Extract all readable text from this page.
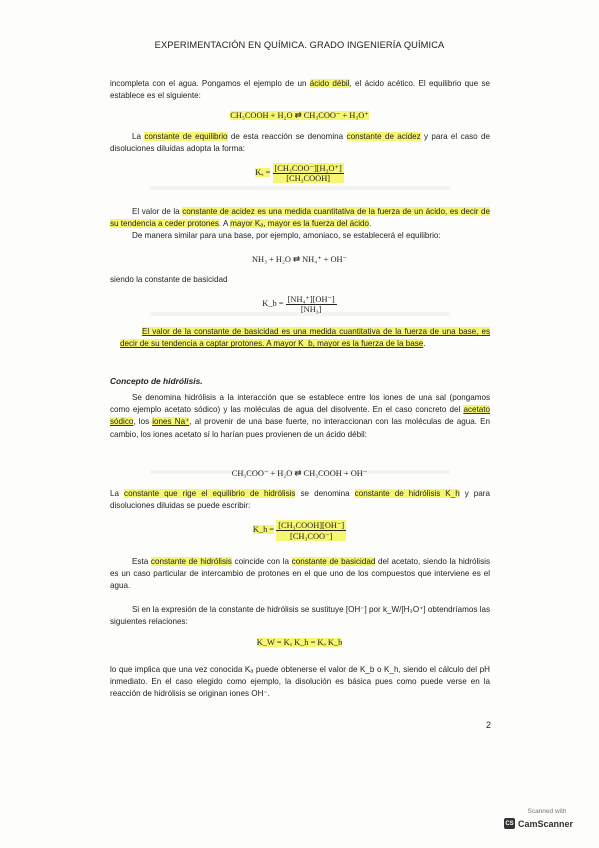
EXPERIMENTACIÓN EN QUÍMICA. GRADO INGENIERÍA QUÍMICA

incompleta con el agua. Pongamos el ejemplo de un ácido débil, el ácido acético. El equilibrio que se establece es el siguiente:

CH₃COOH + H₂O ⇄ CH₃COO⁻ + H₃O⁺

La constante de equilibrio de esta reacción se denomina constante de acidez y para el caso de disoluciones diluidas adopta la forma:

$K_a = \frac{\text{[CH₃COO⁻][H₃O⁺]}}{\text{[CH₃COOH]}}$

El valor de la constante de acidez es una medida cuantitativa de la fuerza de un ácido, es decir de su tendencia a ceder protones. A mayor Kₐ, mayor es la fuerza del ácido.

De manera similar para una base, por ejemplo, amoniaco, se establecerá el equilibrio:

NH₃ + H₂O ⇄ NH₄⁺ + OH⁻

siendo la constante de basicidad

K_b = $\frac{\text{[NH₄⁺][OH⁻]}}{\text{[NH₃]}}$

El valor de la constante de basicidad es una medida cuantitativa de la fuerza de una base, es decir de su tendencia a captar protones. A mayor K_b, mayor es la fuerza de la base.

Concepto de hidrólisis.

Se denomina hidrólisis a la interacción que se establece entre los iones de una sal (pongamos como ejemplo acetato sódico) y las moléculas de agua del disolvente. En el caso concreto del acetato sódico, los iones Na⁺, al provenir de una base fuerte, no interaccionan con las moléculas de agua. En cambio, los iones acetato sí lo harían pues provienen de un ácido débil:

CH₃COO⁻ + H₂O ⇄ CH₃COOH + OH⁻

La constante que rige el equilibrio de hidrólisis se denomina constante de hidrólisis K_h y para disoluciones diluidas se puede escribir:

K_h = $\frac{\text{[CH₃COOH][OH⁻]}}{\text{[CH₃COO⁻]}}$

Esta constante de hidrólisis coincide con la constante de basicidad del acetato, siendo la hidrólisis es un caso particular de intercambio de protones en el que uno de los compuestos que interviene es el agua.

Si en la expresión de la constante de hidrólisis se sustituye [OH⁻] por k_W/[H₃O⁺] obtendríamos las siguientes relaciones:

K_W = Kₐ K_h = Kₐ K_b

lo que implica que una vez conocida Kₐ puede obtenerse el valor de K_b o K_h, siendo el cálculo del pH inmediato. En el caso elegido como ejemplo, la disolución es básica pues como puede verse en la reacción de hidrólisis se originan iones OH⁻.

2
Scanned with
CS CamScanner
